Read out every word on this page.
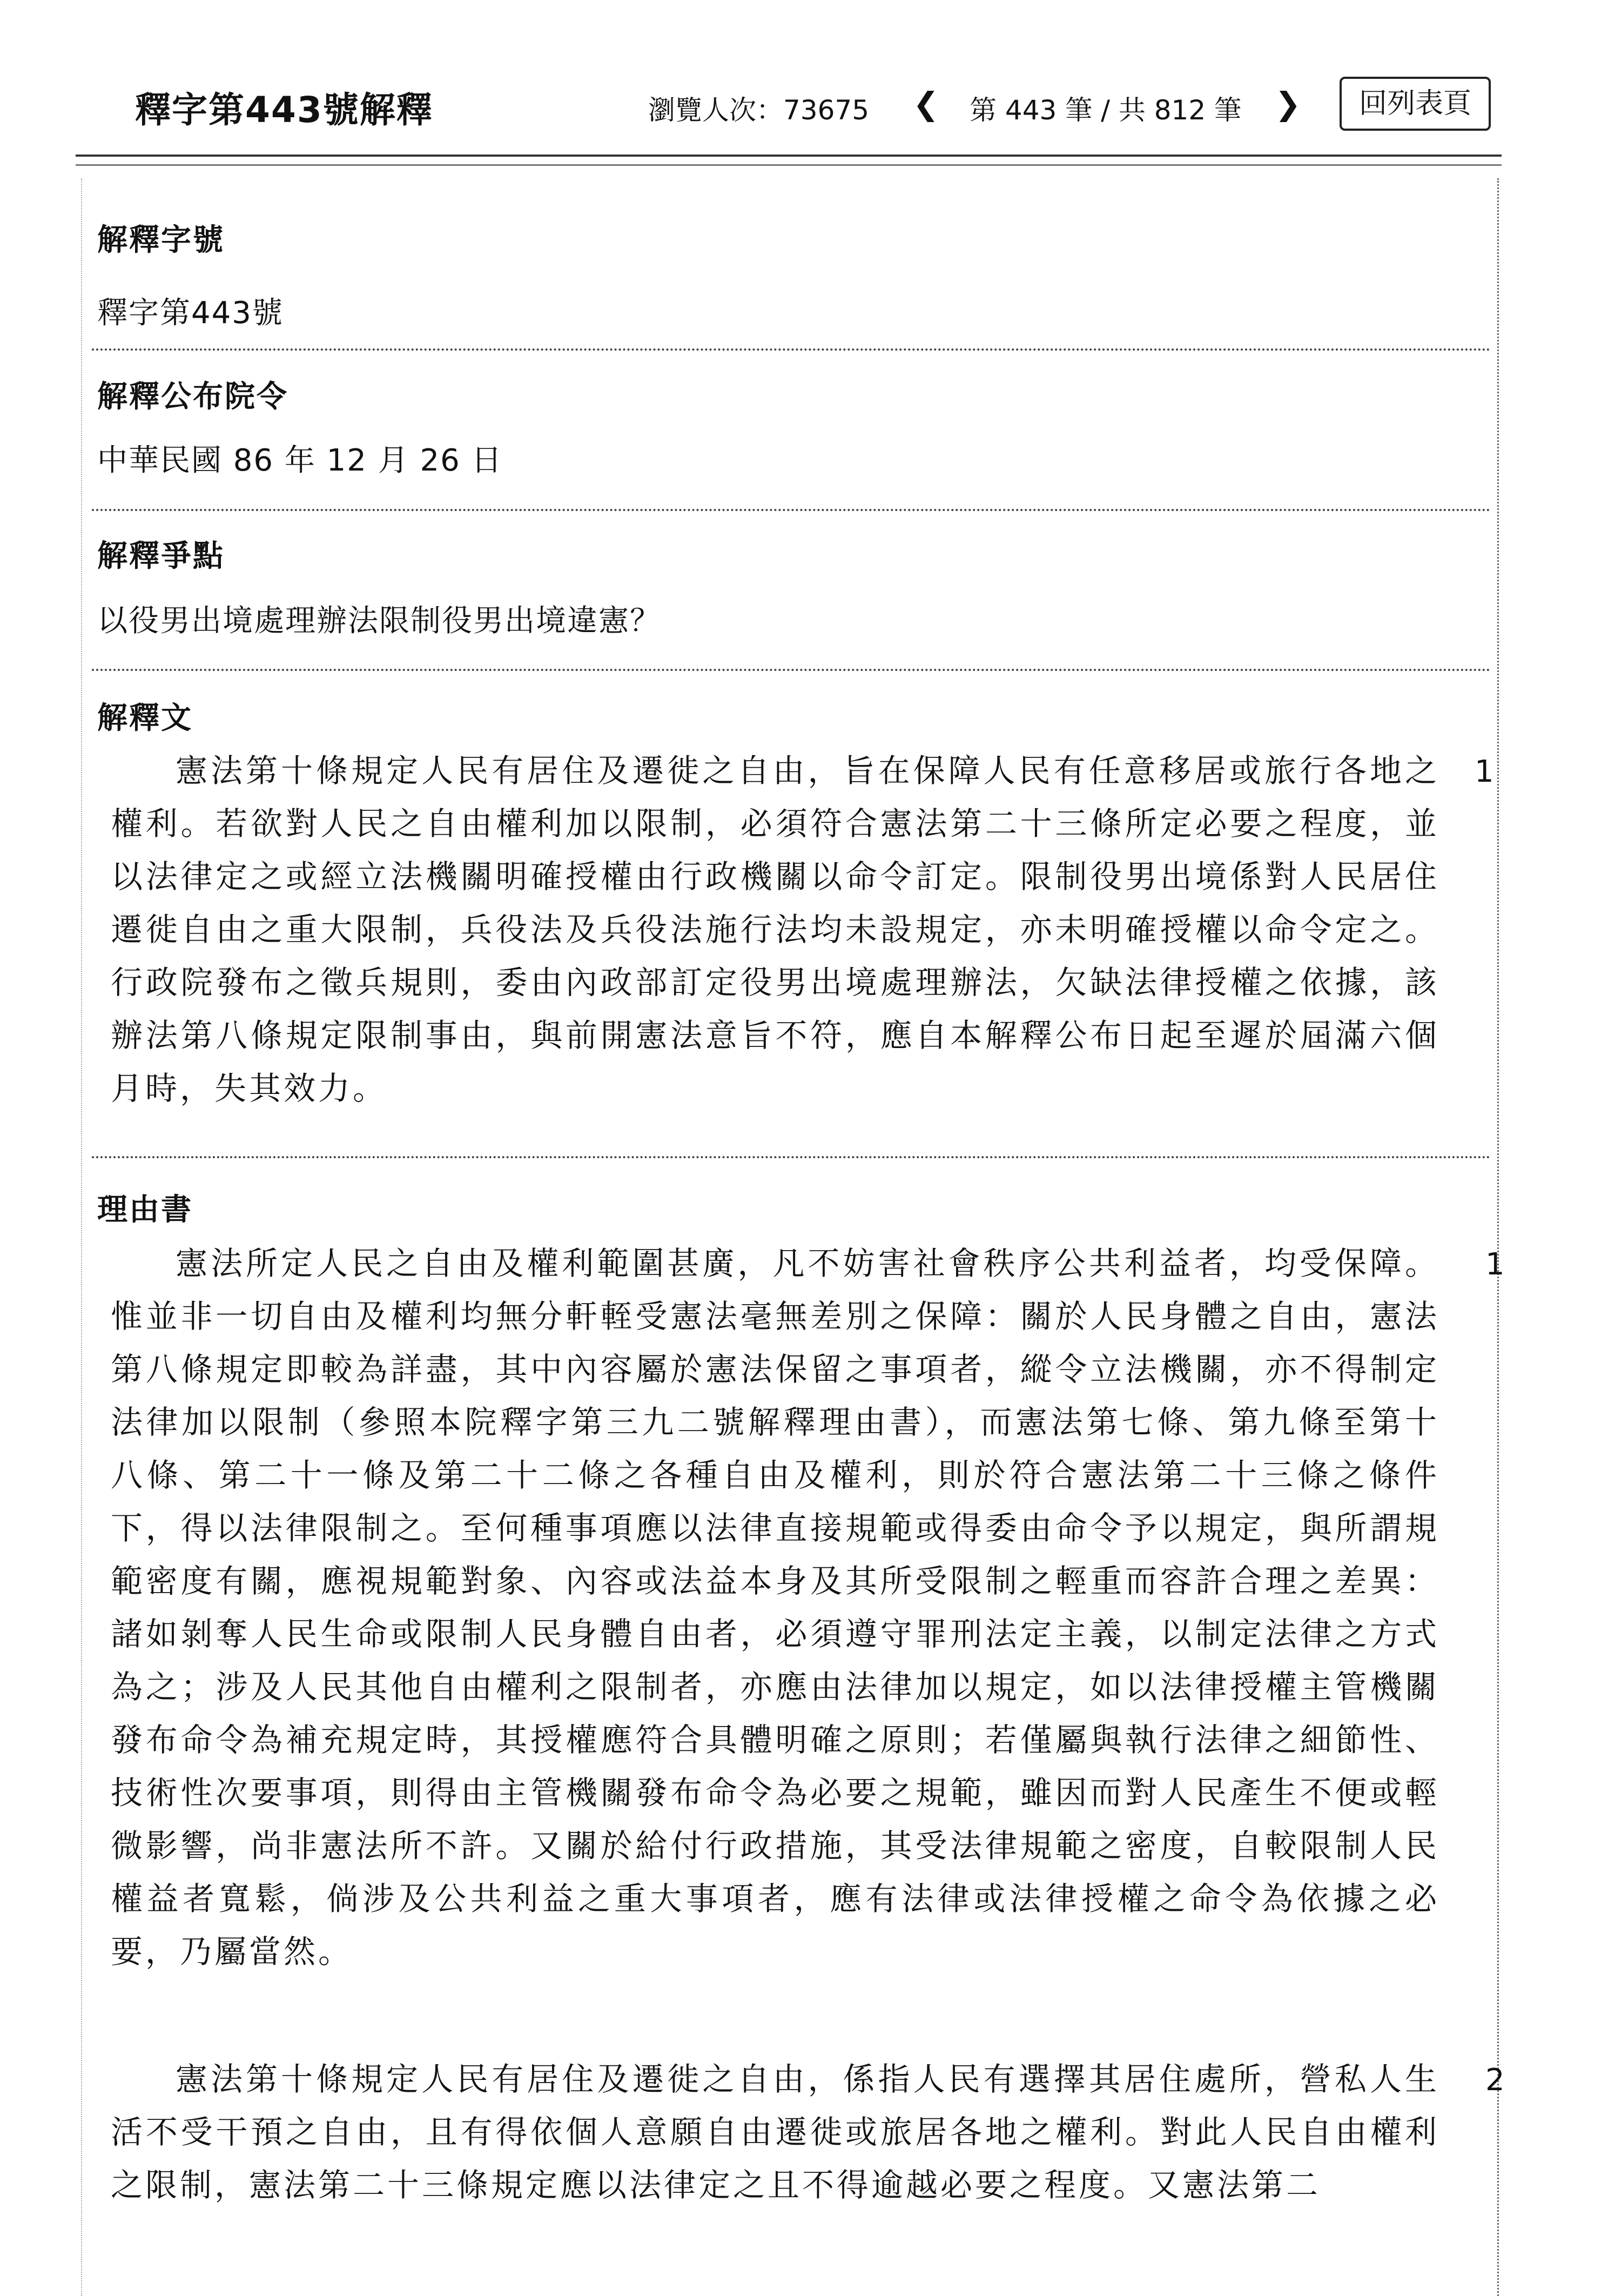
釋字第443號解釋	瀏覽人次：73675 ❮ 第 443 筆 / 共 812 筆 ❯	回列表頁
解釋字號
釋字第443號
解釋公布院令
中華民國 86 年 12 月 26 日
解釋爭點
以役男出境處理辦法限制役男出境違憲？
解釋文
憲法第十條規定人民有居住及遷徙之自由，旨在保障人民有任意移居或旅行各地之權利。若欲對人民之自由權利加以限制，必須符合憲法第二十三條所定必要之程度，並以法律定之或經立法機關明確授權由行政機關以命令訂定。限制役男出境係對人民居住遷徙自由之重大限制，兵役法及兵役法施行法均未設規定，亦未明確授權以命令定之。行政院發布之徵兵規則，委由內政部訂定役男出境處理辦法，欠缺法律授權之依據，該辦法第八條規定限制事由，與前開憲法意旨不符，應自本解釋公布日起至遲於屆滿六個月時，失其效力。
1
理由書
憲法所定人民之自由及權利範圍甚廣，凡不妨害社會秩序公共利益者，均受保障。惟並非一切自由及權利均無分軒輊受憲法毫無差別之保障：關於人民身體之自由，憲法第八條規定即較為詳盡，其中內容屬於憲法保留之事項者，縱令立法機關，亦不得制定法律加以限制（參照本院釋字第三九二號解釋理由書），而憲法第七條、第九條至第十八條、第二十一條及第二十二條之各種自由及權利，則於符合憲法第二十三條之條件下，得以法律限制之。至何種事項應以法律直接規範或得委由命令予以規定，與所謂規範密度有關，應視規範對象、內容或法益本身及其所受限制之輕重而容許合理之差異：諸如剝奪人民生命或限制人民身體自由者，必須遵守罪刑法定主義，以制定法律之方式為之；涉及人民其他自由權利之限制者，亦應由法律加以規定，如以法律授權主管機關發布命令為補充規定時，其授權應符合具體明確之原則；若僅屬與執行法律之細節性、技術性次要事項，則得由主管機關發布命令為必要之規範，雖因而對人民產生不便或輕微影響，尚非憲法所不許。又關於給付行政措施，其受法律規範之密度，自較限制人民權益者寬鬆，倘涉及公共利益之重大事項者，應有法律或法律授權之命令為依據之必要，乃屬當然。
1
憲法第十條規定人民有居住及遷徙之自由，係指人民有選擇其居住處所，營私人生活不受干預之自由，且有得依個人意願自由遷徙或旅居各地之權利。對此人民自由權利之限制，憲法第二十三條規定應以法律定之且不得逾越必要之程度。又憲法第二
2
